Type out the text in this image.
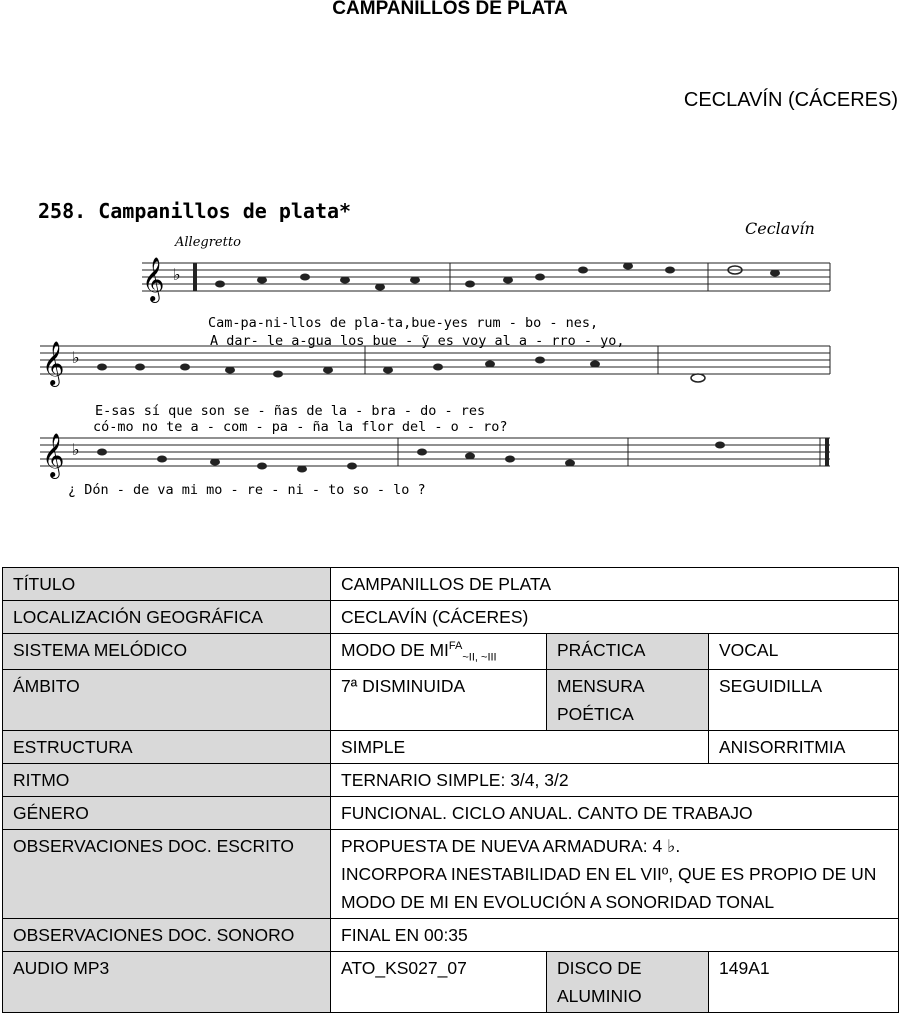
CAMPANILLOS DE PLATA
CECLAVÍN (CÁCERES)
258. Campanillos de plata*
Allegretto
Ceclavín
𝄞 ♭
𝄞 ♭
𝄞 ♭
Cam-pa-ni-llos de pla-ta,bue-yes rum - bo - nes,
A dar- le a-gua los bue - ỹ es voy al a - rro - yo,
E-sas sí que son se - ñas de la - bra - do - res
có-mo no te a - com - pa - ña la flor del - o - ro?
¿ Dón - de va mi mo - re - ni - to so - lo ?
TÍTULO	CAMPANILLOS DE PLATA		
LOCALIZACIÓN GEOGRÁFICA	CECLAVÍN (CÁCERES)		
SISTEMA MELÓDICO	MODO DE $MI^{FA}_{\sim II, \sim III}$	PRÁCTICA	VOCAL
ÁMBITO	7ª DISMINUIDA	MENSURA POÉTICA	SEGUIDILLA
ESTRUCTURA	SIMPLE		ANISORRITMIA
RITMO	TERNARIO SIMPLE: 3/4, 3/2		
GÉNERO	FUNCIONAL. CICLO ANUAL. CANTO DE TRABAJO		
OBSERVACIONES DOC. ESCRITO	PROPUESTA DE NUEVA ARMADURA: 4 ♭.
INCORPORA INESTABILIDAD EN EL VIIº, QUE ES PROPIO DE UN MODO DE MI EN EVOLUCIÓN A SONORIDAD TONAL		

OBSERVACIONES DOC. SONORO	FINAL EN 00:35		
AUDIO MP3	ATO_KS027_07	DISCO DE ALUMINIO	149A1
